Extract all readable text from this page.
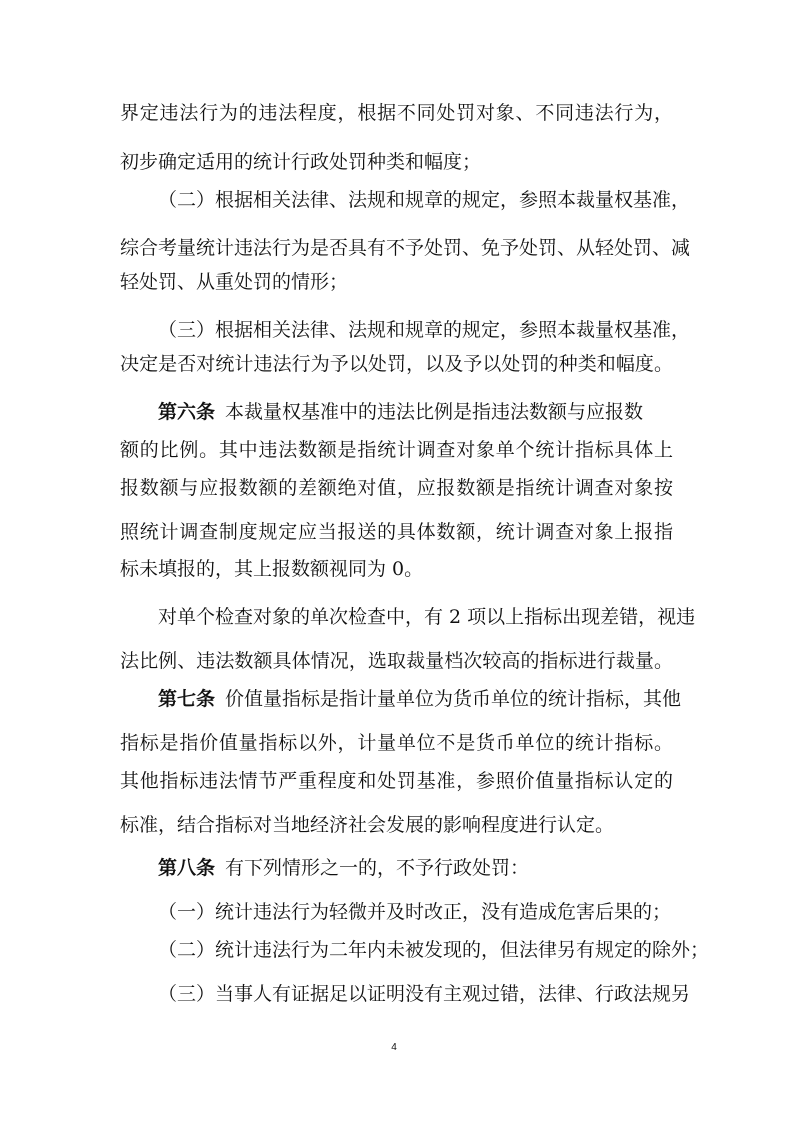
界定违法行为的违法程度，根据不同处罚对象、不同违法行为，
初步确定适用的统计行政处罚种类和幅度；
（二）根据相关法律、法规和规章的规定，参照本裁量权基准，
综合考量统计违法行为是否具有不予处罚、免予处罚、从轻处罚、减
轻处罚、从重处罚的情形；
（三）根据相关法律、法规和规章的规定，参照本裁量权基准，
决定是否对统计违法行为予以处罚，以及予以处罚的种类和幅度。
第六条 本裁量权基准中的违法比例是指违法数额与应报数
额的比例。其中违法数额是指统计调查对象单个统计指标具体上
报数额与应报数额的差额绝对值，应报数额是指统计调查对象按
照统计调查制度规定应当报送的具体数额，统计调查对象上报指
标未填报的，其上报数额视同为 0。
对单个检查对象的单次检查中，有 2 项以上指标出现差错，视违
法比例、违法数额具体情况，选取裁量档次较高的指标进行裁量。
第七条 价值量指标是指计量单位为货币单位的统计指标，其他
指标是指价值量指标以外，计量单位不是货币单位的统计指标。
其他指标违法情节严重程度和处罚基准，参照价值量指标认定的
标准，结合指标对当地经济社会发展的影响程度进行认定。
第八条 有下列情形之一的，不予行政处罚：
（一）统计违法行为轻微并及时改正，没有造成危害后果的；
（二）统计违法行为二年内未被发现的，但法律另有规定的除外；
（三）当事人有证据足以证明没有主观过错，法律、行政法规另
4
